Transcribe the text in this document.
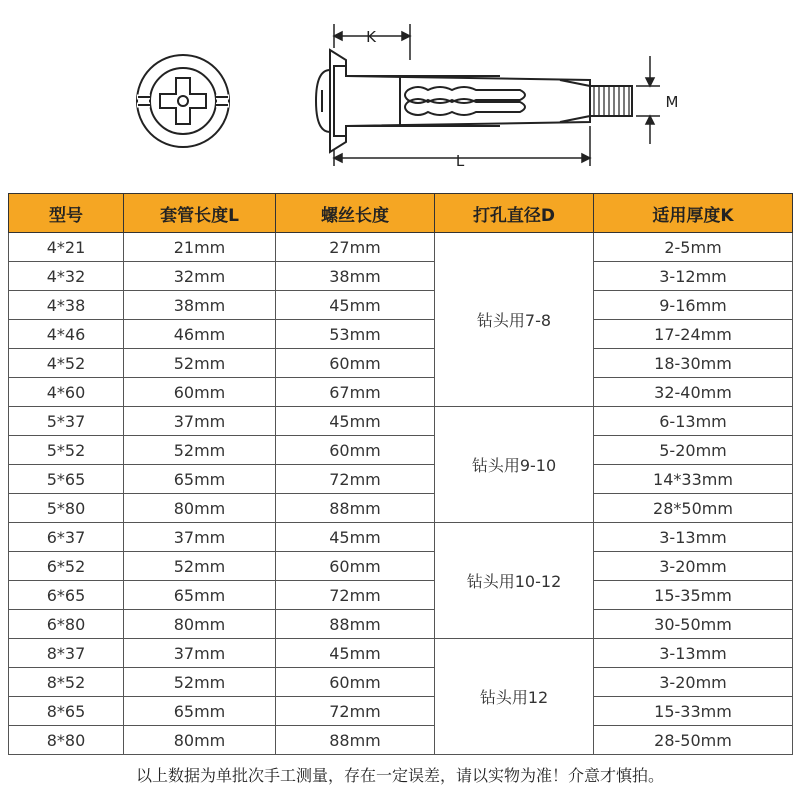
K
L
M
型号	套管长度L	螺丝长度	打孔直径D	适用厚度K
4*21	21mm	27mm	钻头用7-8	2-5mm
4*32	32mm	38mm		3-12mm
4*38	38mm	45mm		9-16mm
4*46	46mm	53mm		17-24mm
4*52	52mm	60mm		18-30mm
4*60	60mm	67mm		32-40mm
5*37	37mm	45mm	钻头用9-10	6-13mm
5*52	52mm	60mm		5-20mm
5*65	65mm	72mm		14*33mm
5*80	80mm	88mm		28*50mm
6*37	37mm	45mm	钻头用10-12	3-13mm
6*52	52mm	60mm		3-20mm
6*65	65mm	72mm		15-35mm
6*80	80mm	88mm		30-50mm
8*37	37mm	45mm	钻头用12	3-13mm
8*52	52mm	60mm		3-20mm
8*65	65mm	72mm		15-33mm
8*80	80mm	88mm		28-50mm
以上数据为单批次手工测量，存在一定误差，请以实物为准！介意才慎拍。
